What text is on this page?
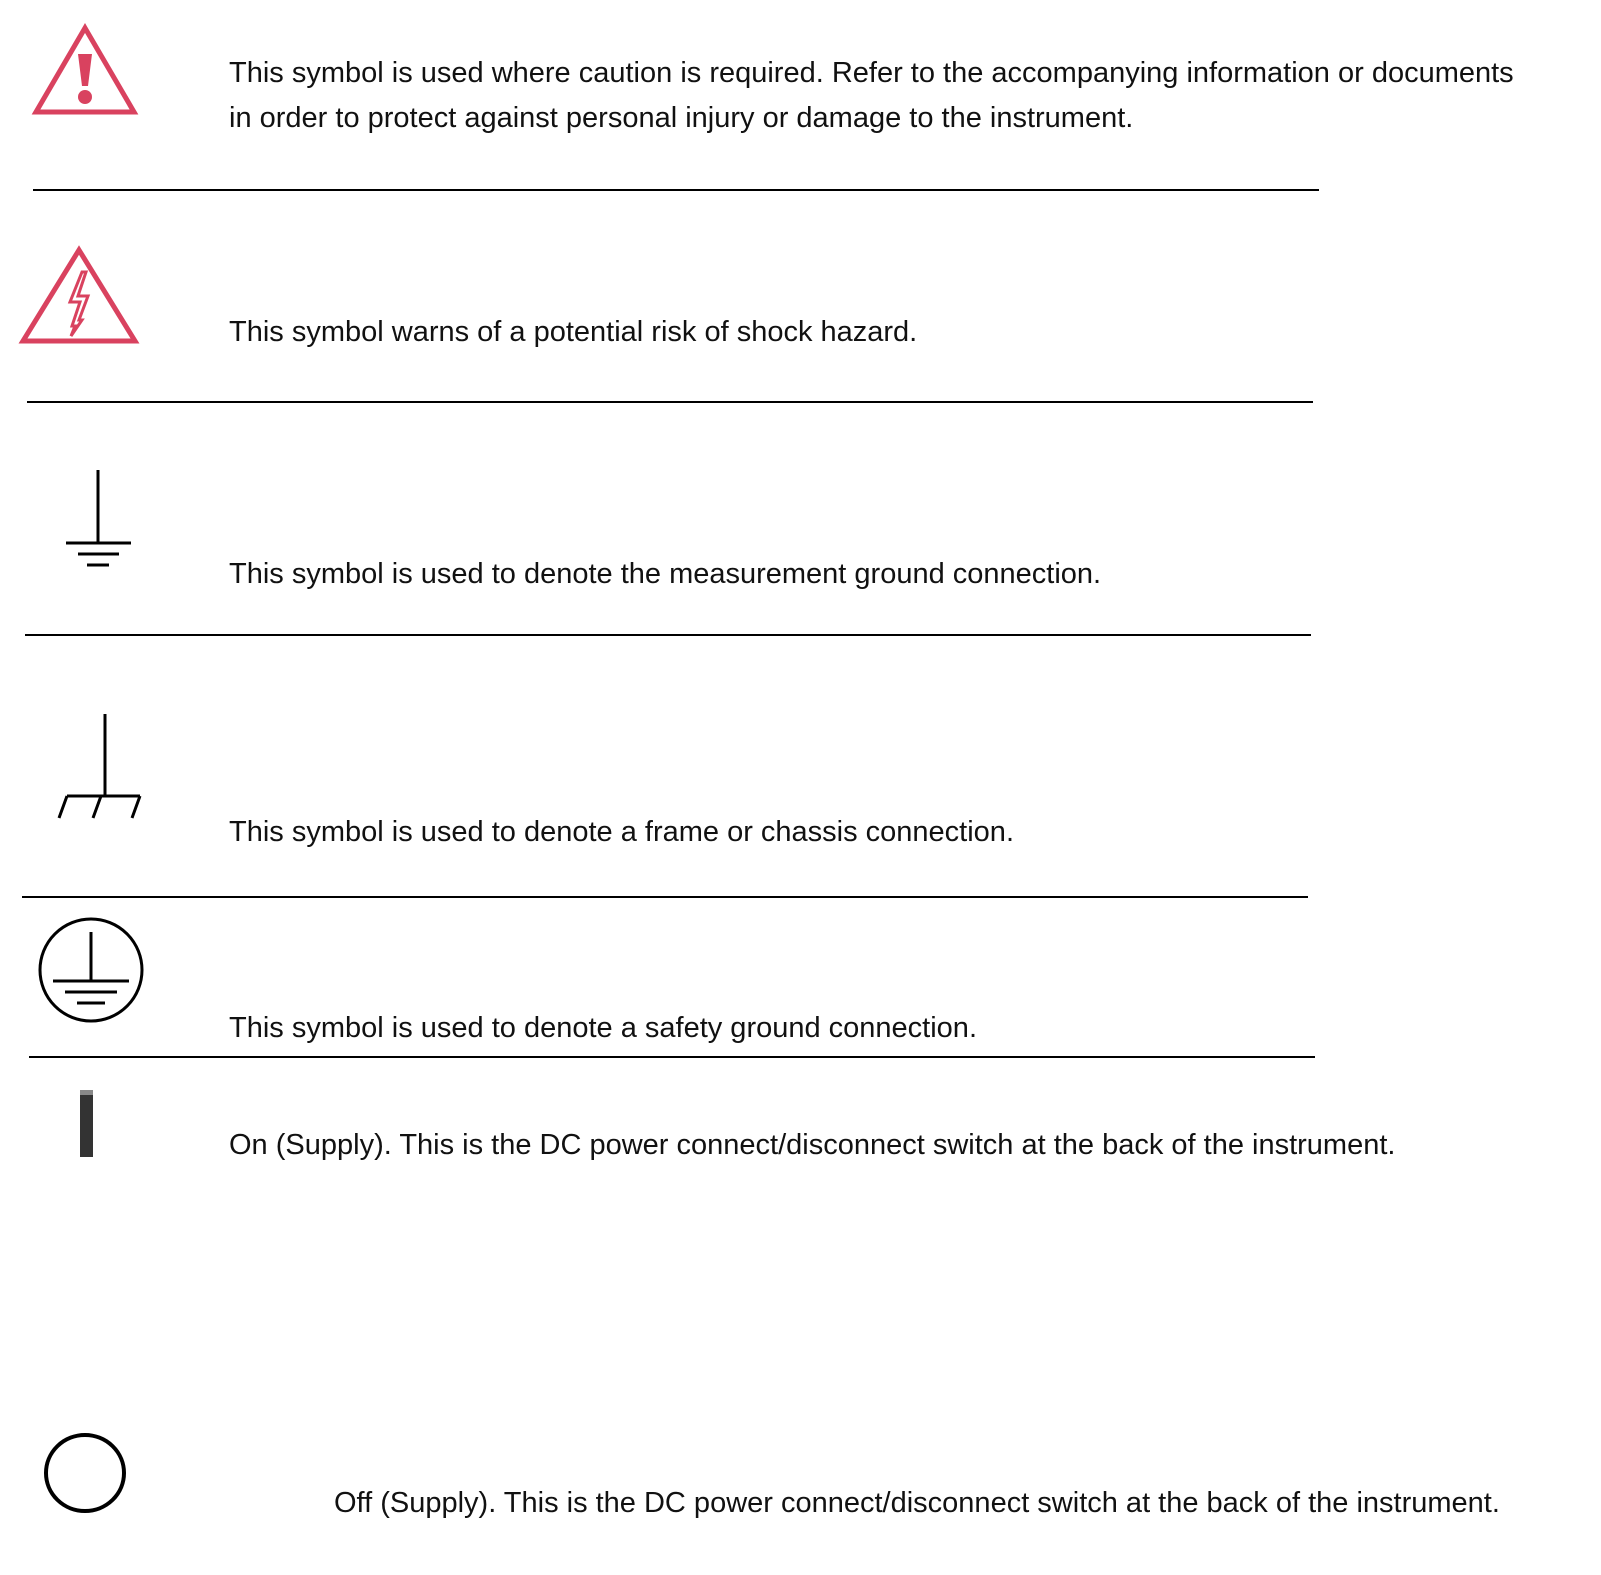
This symbol is used where caution is required. Refer to the accompanying information or documents

in order to protect against personal injury or damage to the instrument.

This symbol warns of a potential risk of shock hazard.

This symbol is used to denote the measurement ground connection.

This symbol is used to denote a frame or chassis connection.

This symbol is used to denote a safety ground connection.

On (Supply). This is the DC power connect/disconnect switch at the back of the instrument.

Off (Supply). This is the DC power connect/disconnect switch at the back of the instrument.
